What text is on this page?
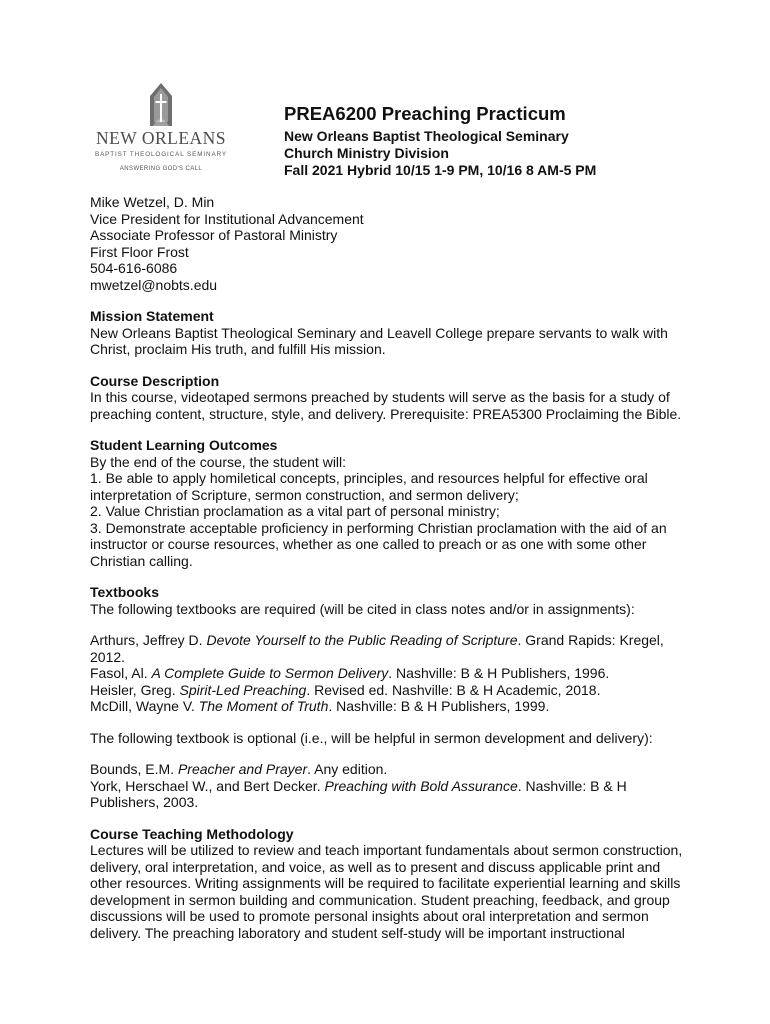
NEW ORLEANS
BAPTIST THEOLOGICAL SEMINARY
ANSWERING GOD'S CALL
PREA6200 Preaching Practicum
New Orleans Baptist Theological Seminary
Church Ministry Division
Fall 2021 Hybrid 10/15 1-9 PM, 10/16 8 AM-5 PM

Mike Wetzel, D. Min

Vice President for Institutional Advancement

Associate Professor of Pastoral Ministry

First Floor Frost

504-616-6086

mwetzel@nobts.edu

Mission Statement

New Orleans Baptist Theological Seminary and Leavell College prepare servants to walk with

Christ, proclaim His truth, and fulfill His mission.

Course Description

In this course, videotaped sermons preached by students will serve as the basis for a study of

preaching content, structure, style, and delivery. Prerequisite: PREA5300 Proclaiming the Bible.

Student Learning Outcomes

By the end of the course, the student will:

1. Be able to apply homiletical concepts, principles, and resources helpful for effective oral

interpretation of Scripture, sermon construction, and sermon delivery;

2. Value Christian proclamation as a vital part of personal ministry;

3. Demonstrate acceptable proficiency in performing Christian proclamation with the aid of an

instructor or course resources, whether as one called to preach or as one with some other

Christian calling.

Textbooks

The following textbooks are required (will be cited in class notes and/or in assignments):

Arthurs, Jeffrey D. Devote Yourself to the Public Reading of Scripture. Grand Rapids: Kregel,

2012.

Fasol, Al. A Complete Guide to Sermon Delivery. Nashville: B & H Publishers, 1996.

Heisler, Greg. Spirit-Led Preaching. Revised ed. Nashville: B & H Academic, 2018.

McDill, Wayne V. The Moment of Truth. Nashville: B & H Publishers, 1999.

The following textbook is optional (i.e., will be helpful in sermon development and delivery):

Bounds, E.M. Preacher and Prayer. Any edition.

York, Herschael W., and Bert Decker. Preaching with Bold Assurance. Nashville: B & H

Publishers, 2003.

Course Teaching Methodology

Lectures will be utilized to review and teach important fundamentals about sermon construction,

delivery, oral interpretation, and voice, as well as to present and discuss applicable print and

other resources. Writing assignments will be required to facilitate experiential learning and skills

development in sermon building and communication. Student preaching, feedback, and group

discussions will be used to promote personal insights about oral interpretation and sermon

delivery. The preaching laboratory and student self-study will be important instructional
